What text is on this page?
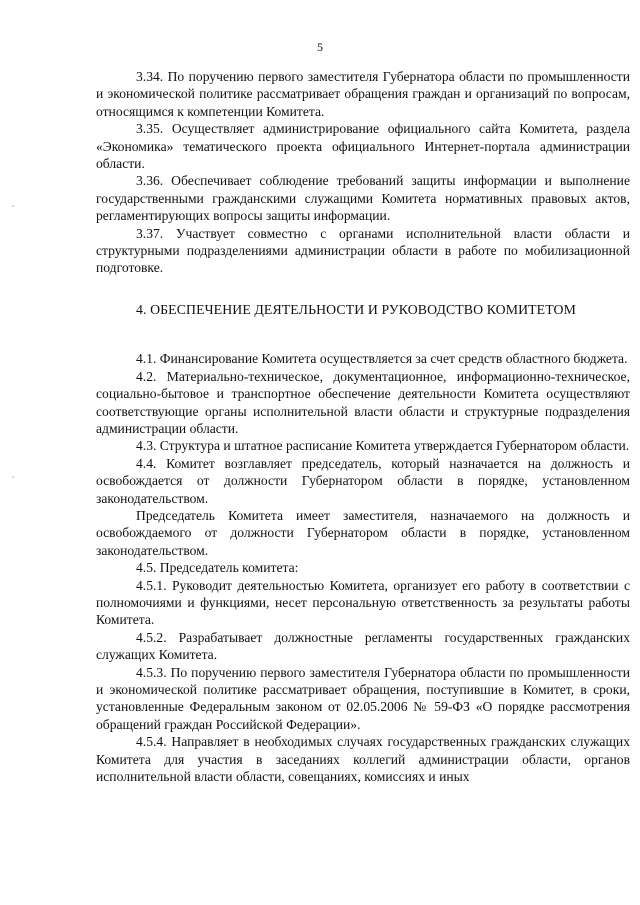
5

3.34. По поручению первого заместителя Губернатора области по промышленности и экономической политике рассматривает обращения граждан и организаций по вопросам, относящимся к компетенции Комитета.

3.35. Осуществляет администрирование официального сайта Комитета, раздела «Экономика» тематического проекта официального Интернет-портала администрации области.

3.36. Обеспечивает соблюдение требований защиты информации и выполнение государственными гражданскими служащими Комитета нормативных правовых актов, регламентирующих вопросы защиты информации.

3.37. Участвует совместно с органами исполнительной власти области и структурными подразделениями администрации области в работе по мобилизационной подготовке.

4. ОБЕСПЕЧЕНИЕ ДЕЯТЕЛЬНОСТИ И РУКОВОДСТВО КОМИТЕТОМ

4.1. Финансирование Комитета осуществляется за счет средств областного бюджета.

4.2. Материально-техническое, документационное, информационно-техническое, социально-бытовое и транспортное обеспечение деятельности Комитета осуществляют соответствующие органы исполнительной власти области и структурные подразделения администрации области.

4.3. Структура и штатное расписание Комитета утверждается Губернатором области.

4.4. Комитет возглавляет председатель, который назначается на должность и освобождается от должности Губернатором области в порядке, установленном законодательством.

Председатель Комитета имеет заместителя, назначаемого на должность и освобождаемого от должности Губернатором области в порядке, установленном законодательством.

4.5. Председатель комитета:

4.5.1. Руководит деятельностью Комитета, организует его работу в соответствии с полномочиями и функциями, несет персональную ответственность за результаты работы Комитета.

4.5.2. Разрабатывает должностные регламенты государственных гражданских служащих Комитета.

4.5.3. По поручению первого заместителя Губернатора области по промышленности и экономической политике рассматривает обращения, поступившие в Комитет, в сроки, установленные Федеральным законом от 02.05.2006 № 59-ФЗ «О порядке рассмотрения обращений граждан Российской Федерации».

4.5.4. Направляет в необходимых случаях государственных гражданских служащих Комитета для участия в заседаниях коллегий администрации области, органов исполнительной власти области, совещаниях, комиссиях и иных
